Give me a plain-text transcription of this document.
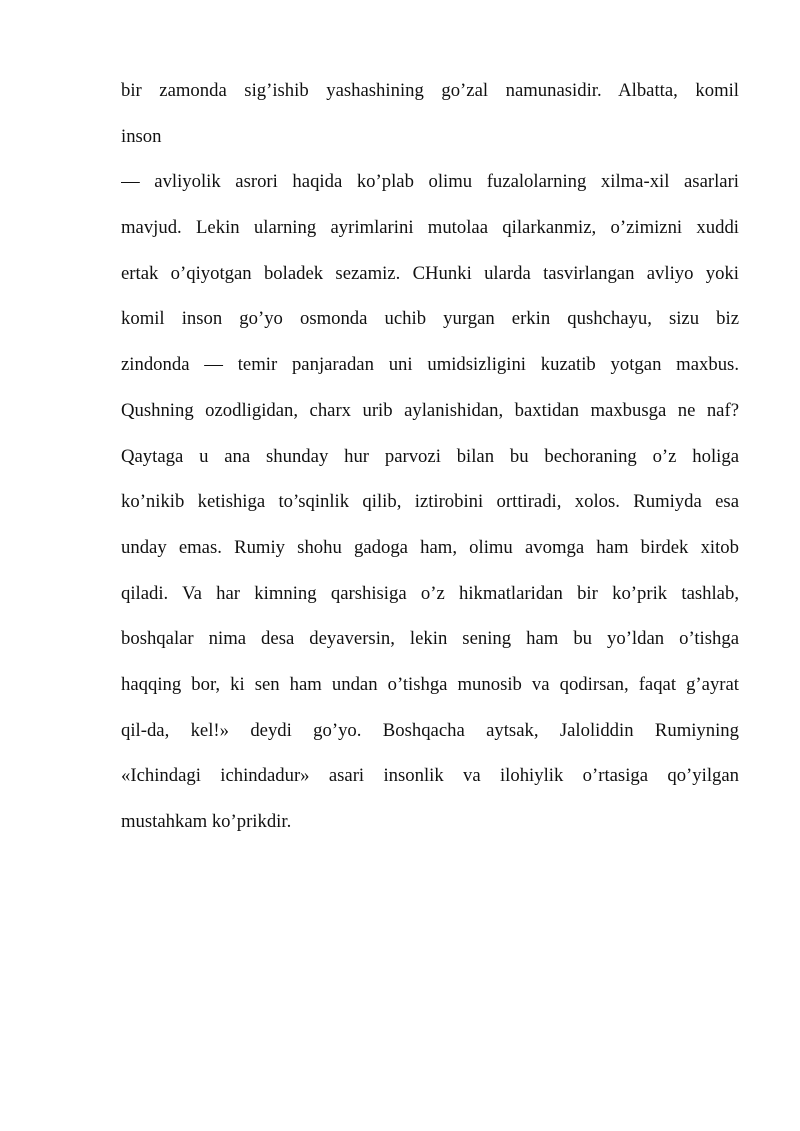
bir zamonda sig’ishib yashashining go’zal namunasidir. Albatta, komil
inson
— avliyolik asrori haqida ko’plab olimu fuzalolarning xilma-xil asarlari
mavjud. Lekin ularning ayrimlarini mutolaa qilarkanmiz, o’zimizni xuddi
ertak o’qiyotgan boladek sezamiz. CHunki ularda tasvirlangan avliyo yoki
komil inson go’yo osmonda uchib yurgan erkin qushchayu, sizu biz
zindonda — temir panjaradan uni umidsizligini kuzatib yotgan maxbus.
Qushning ozodligidan, charx urib aylanishidan, baxtidan maxbusga ne naf?
Qaytaga u ana shunday hur parvozi bilan bu bechoraning o’z holiga
ko’nikib ketishiga to’sqinlik qilib, iztirobini orttiradi, xolos. Rumiyda esa
unday emas. Rumiy shohu gadoga ham, olimu avomga ham birdek xitob
qiladi. Va har kimning qarshisiga o’z hikmatlaridan bir ko’prik tashlab,
boshqalar nima desa deyaversin, lekin sening ham bu yo’ldan o’tishga
haqqing bor, ki sen ham undan o’tishga munosib va qodirsan, faqat g’ayrat
qil-da, kel!» deydi go’yo. Boshqacha aytsak, Jaloliddin Rumiyning
«Ichindagi ichindadur» asari insonlik va ilohiylik o’rtasiga qo’yilgan
mustahkam ko’prikdir.
